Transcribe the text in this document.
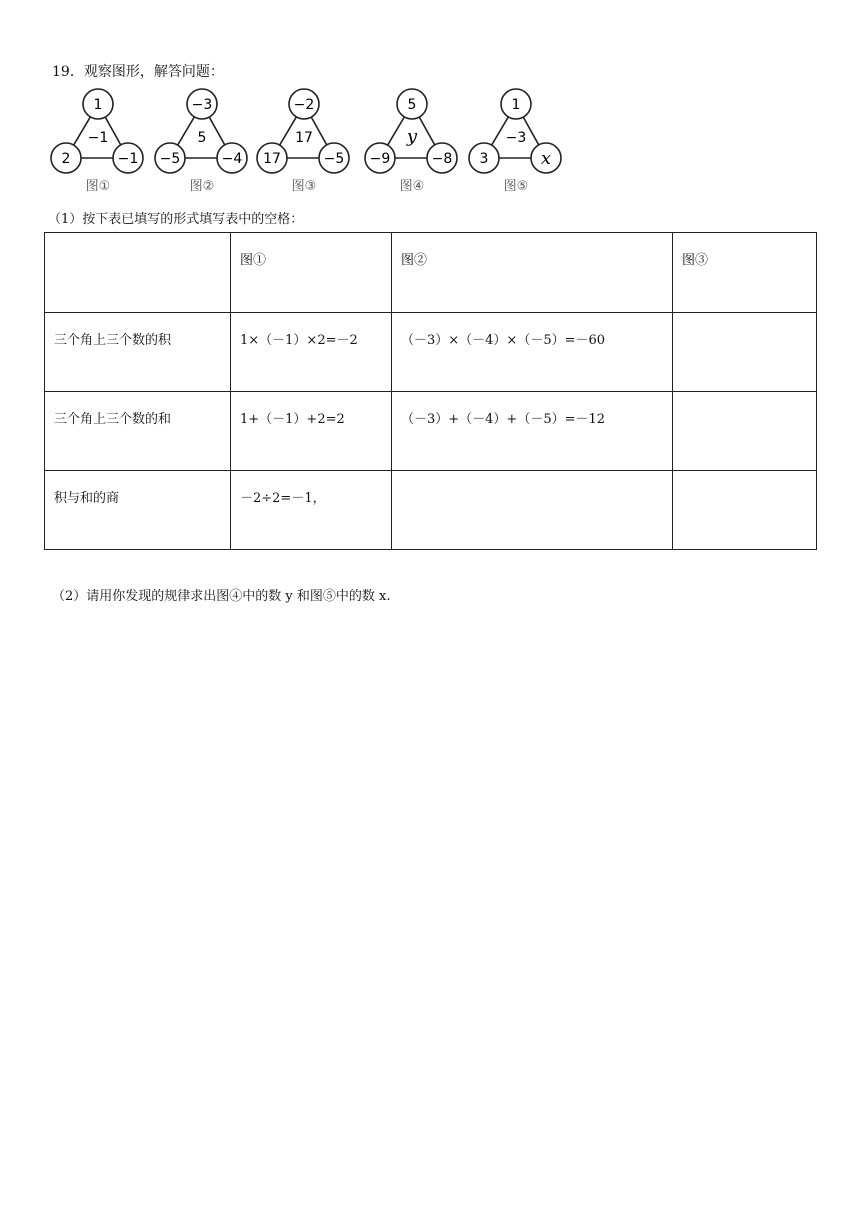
19．观察图形，解答问题：
1
2	−1
−1
图①
−3
−5	−4
5
图②
−2
17	−5
17
图③
5
−9	−8
y
图④
1
3	x
−3
图⑤
（1）按下表已填写的形式填写表中的空格：
	图①	图②	图③
三个角上三个数的积	1×（－1）×2=－2	（－3）×（－4）×（－5）=－60	
三个角上三个数的和	1+（－1）+2=2	（－3）+（－4）+（－5）=－12	
积与和的商	－2÷2=－1，		
（2）请用你发现的规律求出图④中的数 y 和图⑤中的数 x.
